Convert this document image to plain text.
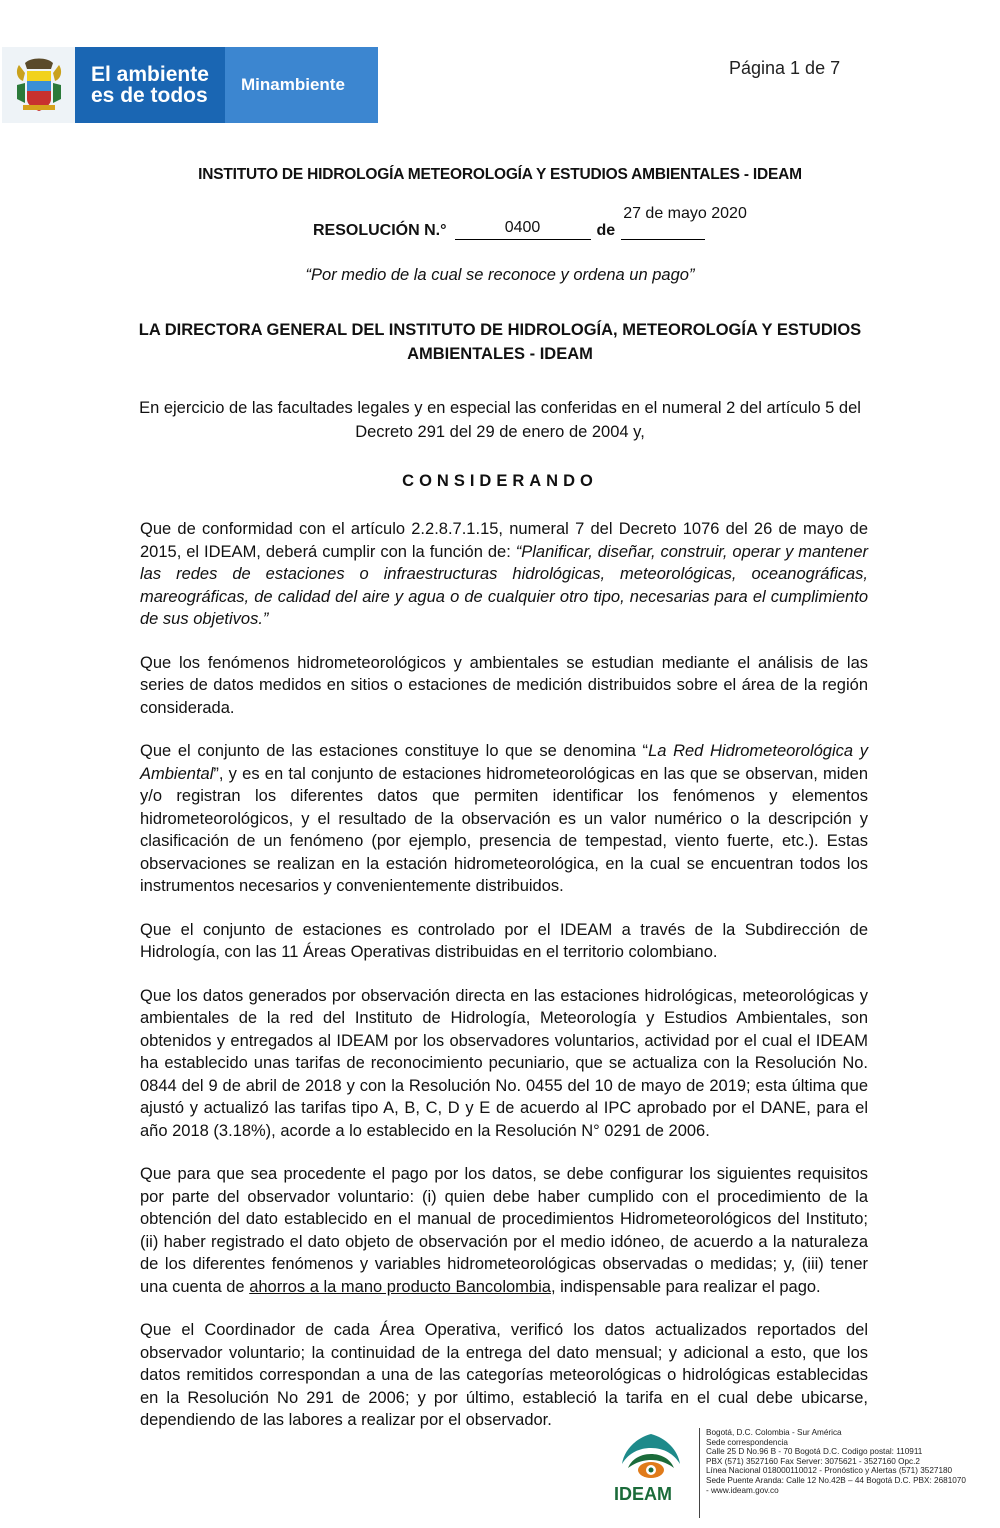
El ambiente
es de todos	Minambiente
Página 1 de 7
INSTITUTO DE HIDROLOGÍA METEOROLOGÍA Y ESTUDIOS AMBIENTALES - IDEAM
RESOLUCIÓN N.°	0400	de
27 de mayo 2020
“Por medio de la cual se reconoce y ordena un pago”
LA DIRECTORA GENERAL DEL INSTITUTO DE HIDROLOGÍA, METEOROLOGÍA Y ESTUDIOS
AMBIENTALES - IDEAM
En ejercicio de las facultades legales y en especial las conferidas en el numeral 2 del artículo 5 del
Decreto 291 del 29 de enero de 2004 y,
CONSIDERANDO

Que de conformidad con el artículo 2.2.8.7.1.15, numeral 7 del Decreto 1076 del 26 de mayo de 2015, el IDEAM, deberá cumplir con la función de: “Planificar, diseñar, construir, operar y mantener las redes de estaciones o infraestructuras hidrológicas, meteorológicas, oceanográficas, mareográficas, de calidad del aire y agua o de cualquier otro tipo, necesarias para el cumplimiento de sus objetivos.”

Que los fenómenos hidrometeorológicos y ambientales se estudian mediante el análisis de las series de datos medidos en sitios o estaciones de medición distribuidos sobre el área de la región considerada.

Que el conjunto de las estaciones constituye lo que se denomina “La Red Hidrometeorológica y Ambiental”, y es en tal conjunto de estaciones hidrometeorológicas en las que se observan, miden y/o registran los diferentes datos que permiten identificar los fenómenos y elementos hidrometeorológicos, y el resultado de la observación es un valor numérico o la descripción y clasificación de un fenómeno (por ejemplo, presencia de tempestad, viento fuerte, etc.). Estas observaciones se realizan en la estación hidrometeorológica, en la cual se encuentran todos los instrumentos necesarios y convenientemente distribuidos.

Que el conjunto de estaciones es controlado por el IDEAM a través de la Subdirección de Hidrología, con las 11 Áreas Operativas distribuidas en el territorio colombiano.

Que los datos generados por observación directa en las estaciones hidrológicas, meteorológicas y ambientales de la red del Instituto de Hidrología, Meteorología y Estudios Ambientales, son obtenidos y entregados al IDEAM por los observadores voluntarios, actividad por el cual el IDEAM ha establecido unas tarifas de reconocimiento pecuniario, que se actualiza con la Resolución No. 0844 del 9 de abril de 2018 y con la Resolución No. 0455 del 10 de mayo de 2019; esta última que ajustó y actualizó las tarifas tipo A, B, C, D y E de acuerdo al IPC aprobado por el DANE, para el año 2018 (3.18%), acorde a lo establecido en la Resolución N° 0291 de 2006.

Que para que sea procedente el pago por los datos, se debe configurar los siguientes requisitos por parte del observador voluntario: (i) quien debe haber cumplido con el procedimiento de la obtención del dato establecido en el manual de procedimientos Hidrometeorológicos del Instituto; (ii) haber registrado el dato objeto de observación por el medio idóneo, de acuerdo a la naturaleza de los diferentes fenómenos y variables hidrometeorológicas observadas o medidas; y, (iii) tener una cuenta de ahorros a la mano producto Bancolombia, indispensable para realizar el pago.

Que el Coordinador de cada Área Operativa, verificó los datos actualizados reportados del observador voluntario; la continuidad de la entrega del dato mensual; y adicional a esto, que los datos remitidos correspondan a una de las categorías meteorológicas o hidrológicas establecidas en la Resolución No 291 de 2006; y por último, estableció la tarifa en el cual debe ubicarse, dependiendo de las labores a realizar por el observador.

IDEAM
Bogotá, D.C. Colombia - Sur América
Sede correspondencia
Calle 25 D No.96 B - 70 Bogotá D.C. Codigo postal: 110911
PBX (571) 3527160 Fax Server: 3075621 - 3527160 Opc.2
Línea Nacional 018000110012 - Pronóstico y Alertas (571) 3527180
Sede Puente Aranda: Calle 12 No.42B – 44 Bogotá D.C. PBX: 2681070
- www.ideam.gov.co
